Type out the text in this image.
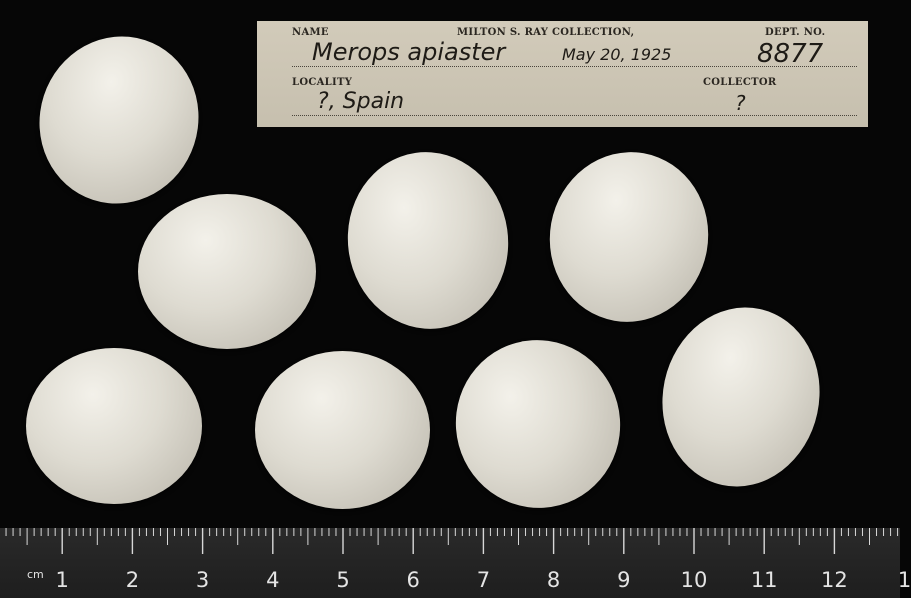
NAME	MILTON S. RAY COLLECTION,	DEPT. NO.
Merops apiaster	May 20, 1925	8877
LOCALITY	COLLECTOR
?, Spain	?
cm 1	2	3	4	5	6	7	8	9 10 11 12 1
